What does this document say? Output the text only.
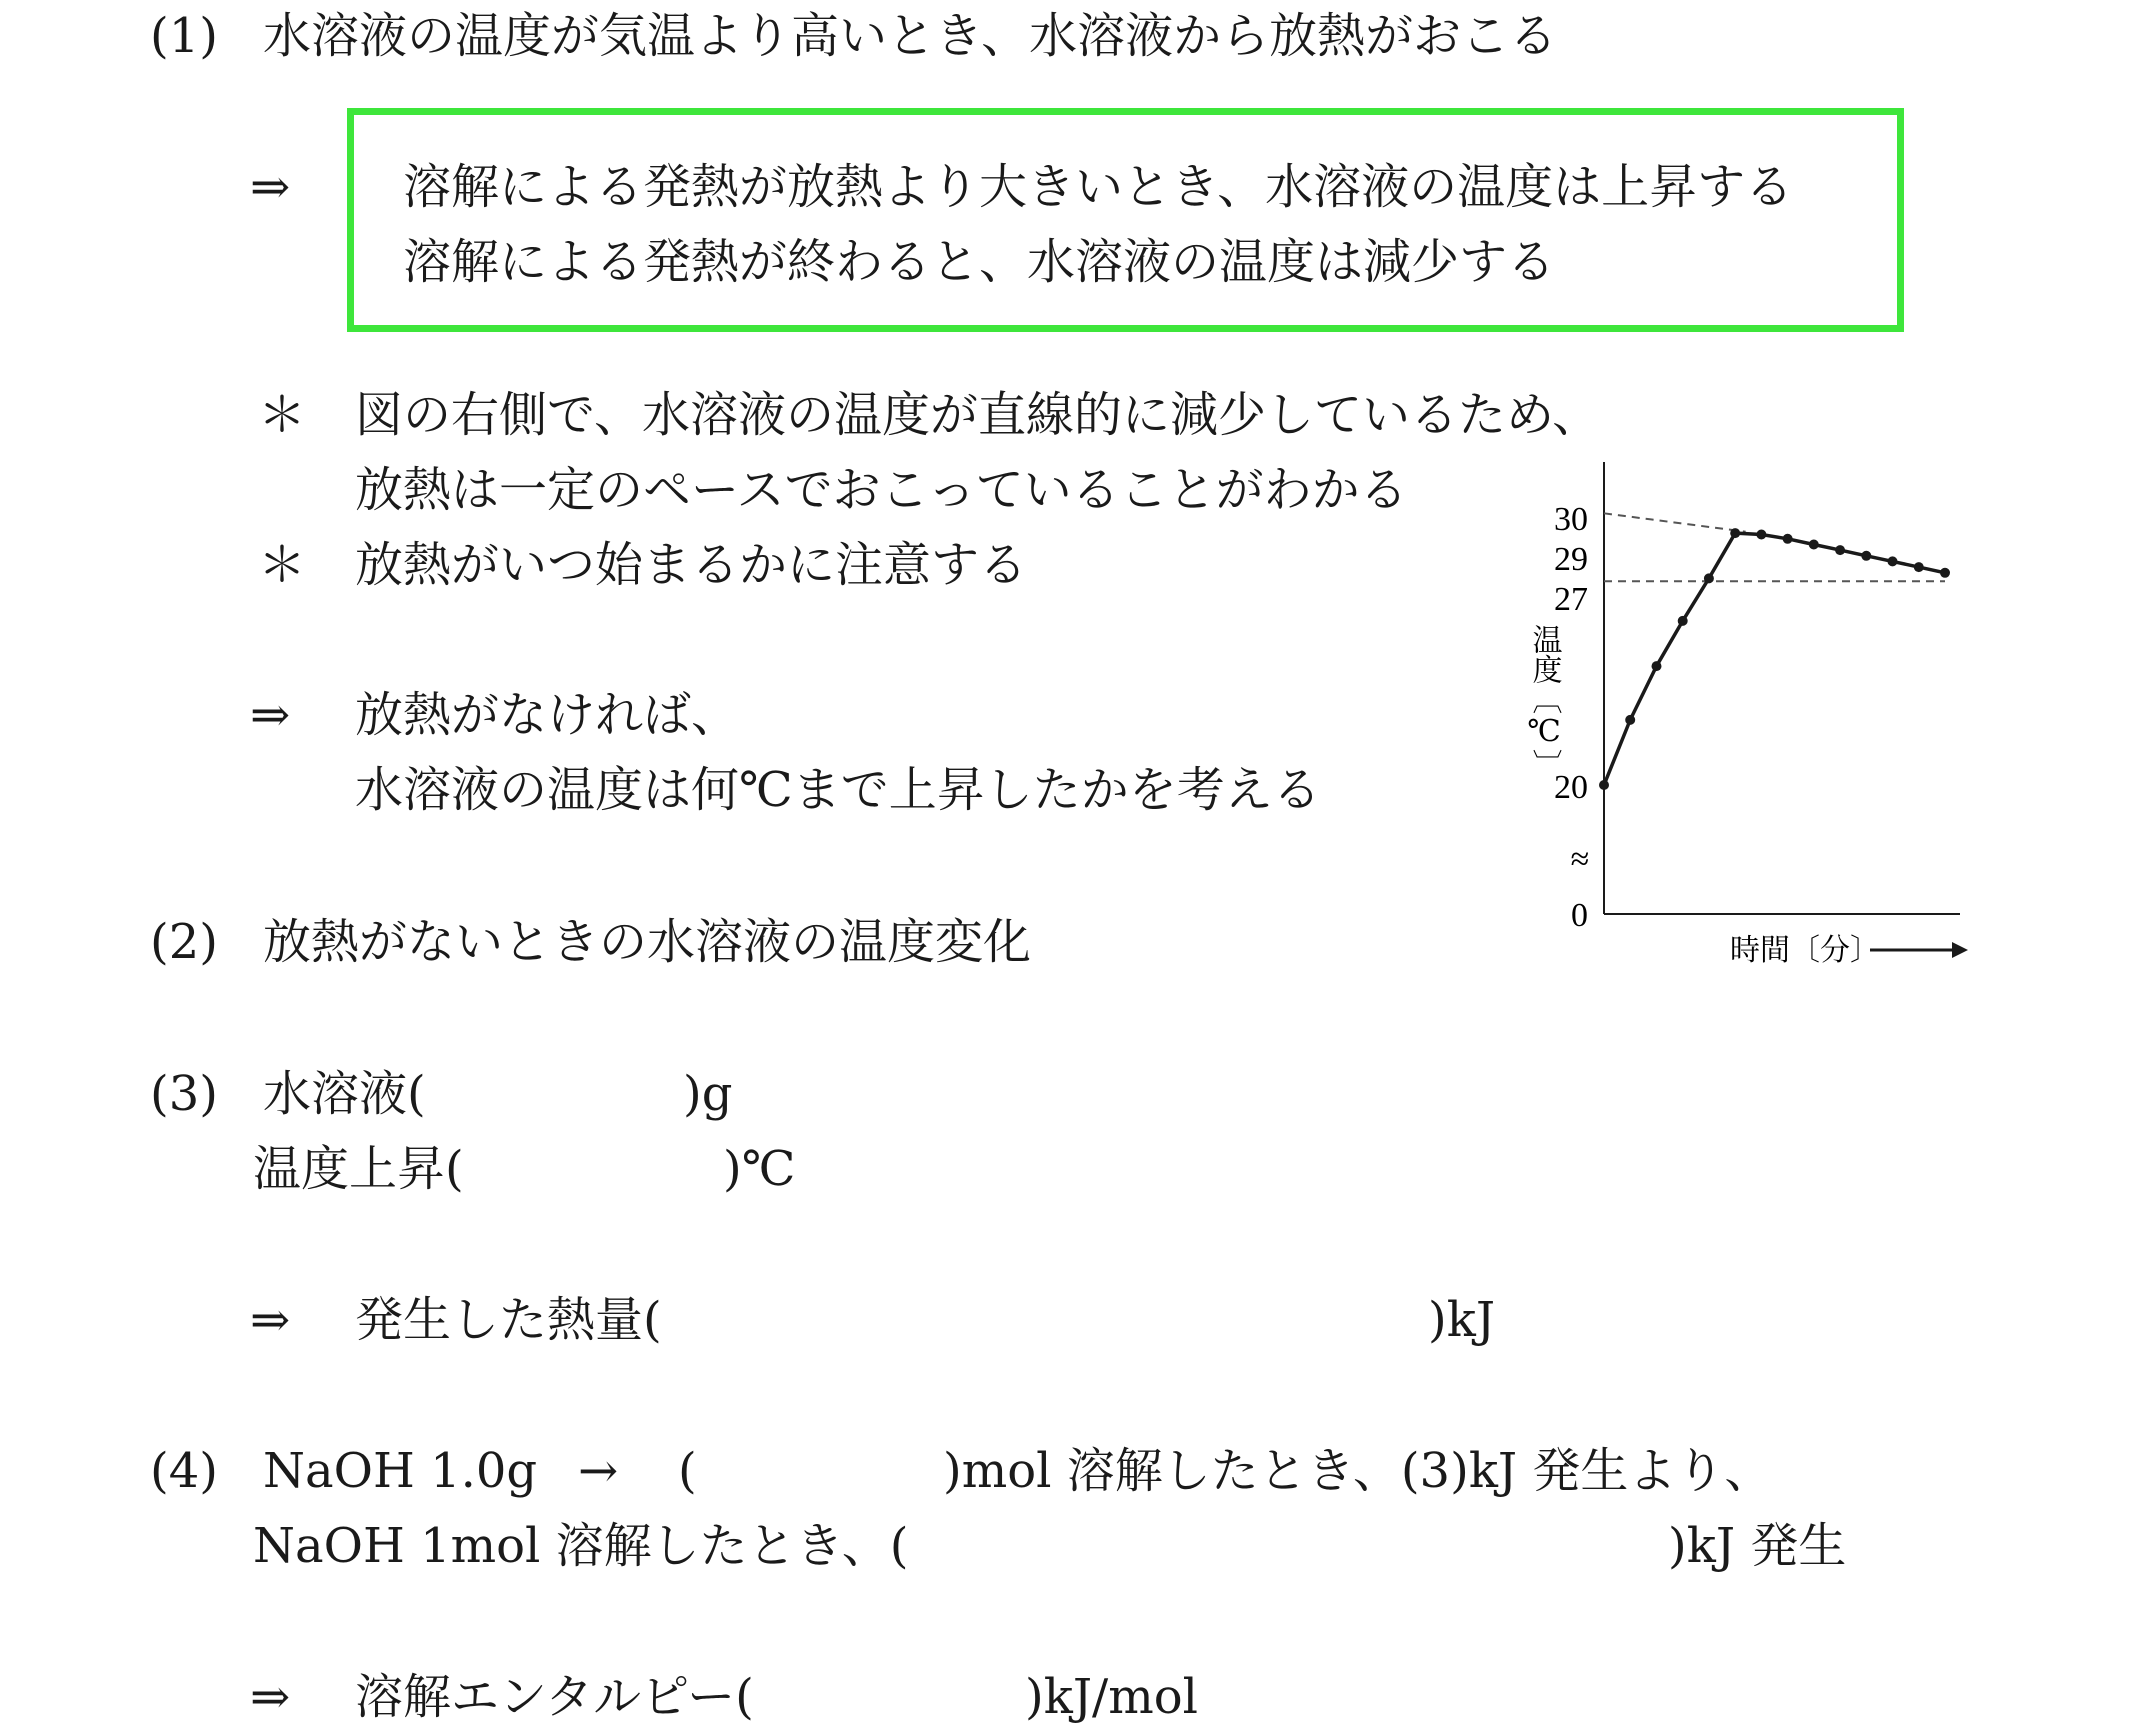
(1) 水溶液の温度が気温より高いとき、水溶液から放熱がおこる
⇒ 溶解による発熱が放熱より大きいとき、水溶液の温度は上昇する
溶解による発熱が終わると、水溶液の温度は減少する
＊ 図の右側で、水溶液の温度が直線的に減少しているため、
放熱は一定のペースでおこっていることがわかる
＊ 放熱がいつ始まるかに注意する
⇒ 放熱がなければ、
水溶液の温度は何℃まで上昇したかを考える
(2) 放熱がないときの水溶液の温度変化
(3) 水溶液(	)g
温度上昇(	)℃
⇒ 発生した熱量(	)kJ
(4) NaOH 1.0g → (	)mol 溶解したとき、(3)kJ 発生より、
NaOH 1mol 溶解したとき、(	)kJ 発生
⇒ 溶解エンタルピー(	)kJ/mol
30
29
27
20
0
≈
温度〔℃〕
時間〔分〕
